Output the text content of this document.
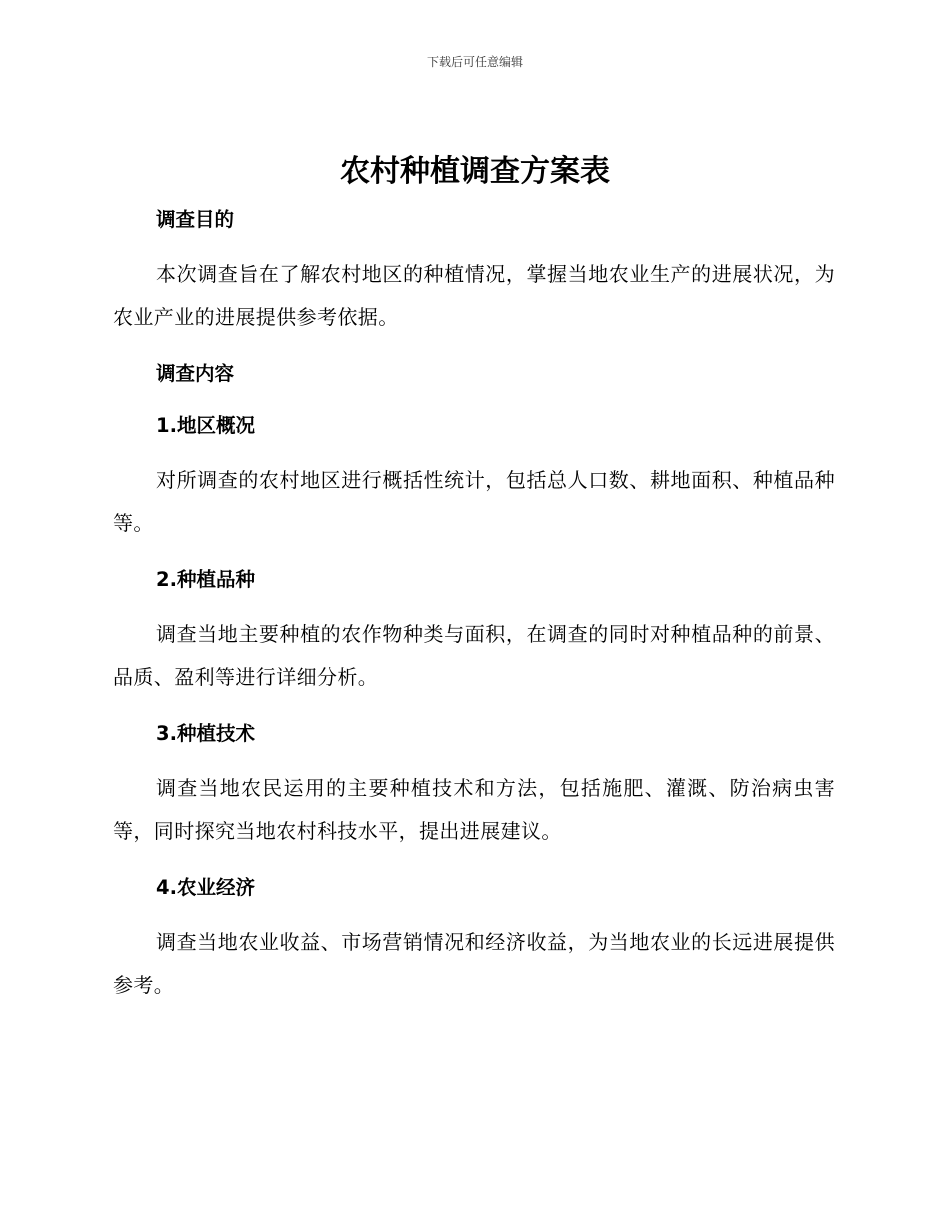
下载后可任意编辑
农村种植调查方案表
调查目的

本次调查旨在了解农村地区的种植情况，掌握当地农业生产的进展状况，为农业产业的进展提供参考依据。

调查内容
1.地区概况

对所调查的农村地区进行概括性统计，包括总人口数、耕地面积、种植品种等。

2.种植品种

调查当地主要种植的农作物种类与面积，在调查的同时对种植品种的前景、品质、盈利等进行详细分析。

3.种植技术

调查当地农民运用的主要种植技术和方法，包括施肥、灌溉、防治病虫害等，同时探究当地农村科技水平，提出进展建议。

4.农业经济

调查当地农业收益、市场营销情况和经济收益，为当地农业的长远进展提供参考。
